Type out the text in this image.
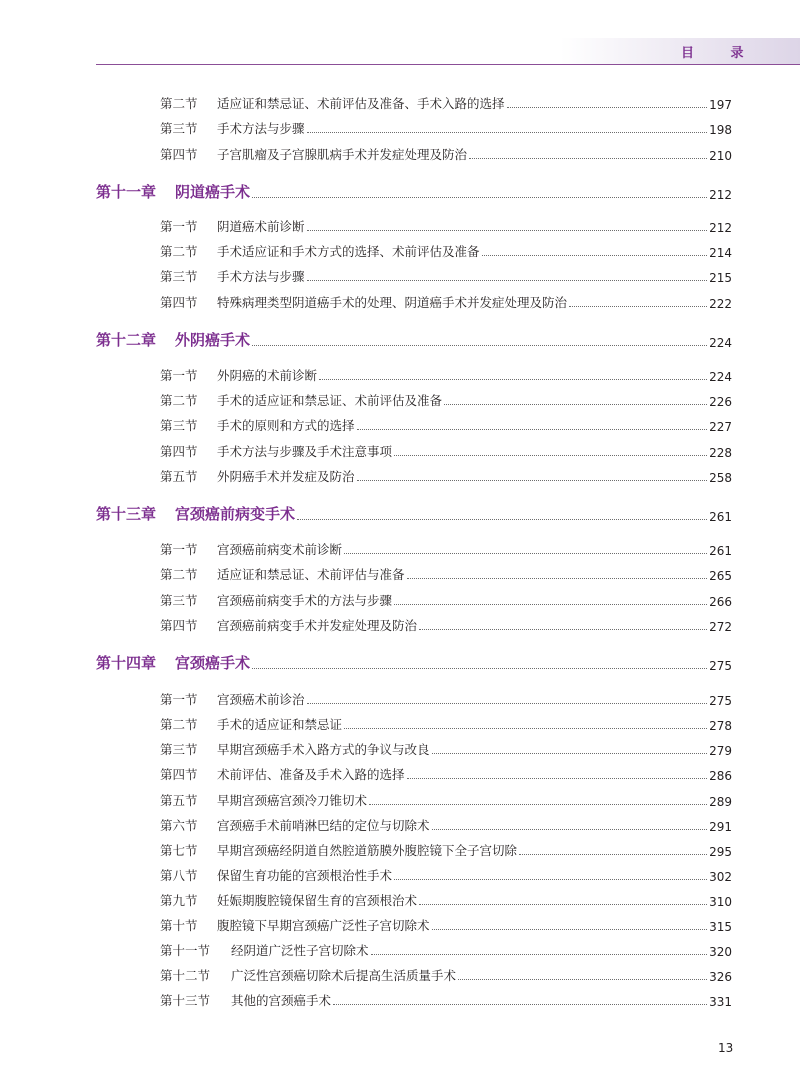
目 录
第二节 适应证和禁忌证、术前评估及准备、手术入路的选择	197
第三节 手术方法与步骤	198
第四节 子宫肌瘤及子宫腺肌病手术并发症处理及防治	210
第十一章 阴道癌手术	212
第一节 阴道癌术前诊断	212
第二节 手术适应证和手术方式的选择、术前评估及准备	214
第三节 手术方法与步骤	215
第四节 特殊病理类型阴道癌手术的处理、阴道癌手术并发症处理及防治	222
第十二章 外阴癌手术	224
第一节 外阴癌的术前诊断	224
第二节 手术的适应证和禁忌证、术前评估及准备	226
第三节 手术的原则和方式的选择	227
第四节 手术方法与步骤及手术注意事项	228
第五节 外阴癌手术并发症及防治	258
第十三章 宫颈癌前病变手术	261
第一节 宫颈癌前病变术前诊断	261
第二节 适应证和禁忌证、术前评估与准备	265
第三节 宫颈癌前病变手术的方法与步骤	266
第四节 宫颈癌前病变手术并发症处理及防治	272
第十四章 宫颈癌手术	275
第一节 宫颈癌术前诊治	275
第二节 手术的适应证和禁忌证	278
第三节 早期宫颈癌手术入路方式的争议与改良	279
第四节 术前评估、准备及手术入路的选择	286
第五节 早期宫颈癌宫颈冷刀锥切术	289
第六节 宫颈癌手术前哨淋巴结的定位与切除术	291
第七节 早期宫颈癌经阴道自然腔道筋膜外腹腔镜下全子宫切除	295
第八节 保留生育功能的宫颈根治性手术	302
第九节 妊娠期腹腔镜保留生育的宫颈根治术	310
第十节 腹腔镜下早期宫颈癌广泛性子宫切除术	315
第十一节 经阴道广泛性子宫切除术	320
第十二节 广泛性宫颈癌切除术后提高生活质量手术	326
第十三节 其他的宫颈癌手术	331
13
